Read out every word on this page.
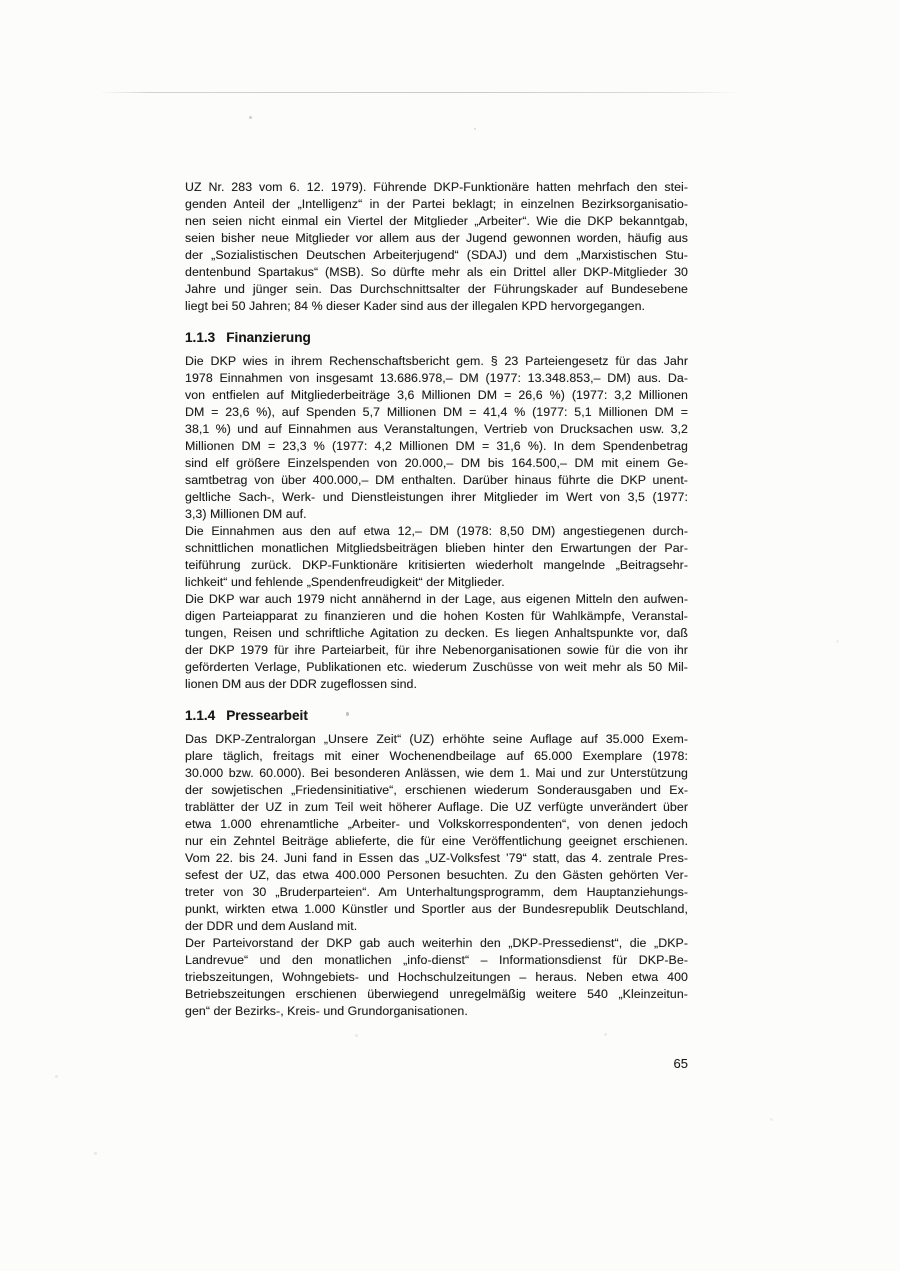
UZ Nr. 283 vom 6. 12. 1979). Führende DKP-Funktionäre hatten mehrfach den stei-
genden Anteil der „Intelligenz“ in der Partei beklagt; in einzelnen Bezirksorganisatio-
nen seien nicht einmal ein Viertel der Mitglieder „Arbeiter“. Wie die DKP bekanntgab,
seien bisher neue Mitglieder vor allem aus der Jugend gewonnen worden, häufig aus
der „Sozialistischen Deutschen Arbeiterjugend“ (SDAJ) und dem „Marxistischen Stu-
dentenbund Spartakus“ (MSB). So dürfte mehr als ein Drittel aller DKP-Mitglieder 30
Jahre und jünger sein. Das Durchschnittsalter der Führungskader auf Bundesebene
liegt bei 50 Jahren; 84 % dieser Kader sind aus der illegalen KPD hervorgegangen.
1.1.3 Finanzierung
Die DKP wies in ihrem Rechenschaftsbericht gem. § 23 Parteiengesetz für das Jahr
1978 Einnahmen von insgesamt 13.686.978,– DM (1977: 13.348.853,– DM) aus. Da-
von entfielen auf Mitgliederbeiträge 3,6 Millionen DM = 26,6 %) (1977: 3,2 Millionen
DM = 23,6 %), auf Spenden 5,7 Millionen DM = 41,4 % (1977: 5,1 Millionen DM =
38,1 %) und auf Einnahmen aus Veranstaltungen, Vertrieb von Drucksachen usw. 3,2
Millionen DM = 23,3 % (1977: 4,2 Millionen DM = 31,6 %). In dem Spendenbetrag
sind elf größere Einzelspenden von 20.000,– DM bis 164.500,– DM mit einem Ge-
samtbetrag von über 400.000,– DM enthalten. Darüber hinaus führte die DKP unent-
geltliche Sach-, Werk- und Dienstleistungen ihrer Mitglieder im Wert von 3,5 (1977:
3,3) Millionen DM auf.
Die Einnahmen aus den auf etwa 12,– DM (1978: 8,50 DM) angestiegenen durch-
schnittlichen monatlichen Mitgliedsbeiträgen blieben hinter den Erwartungen der Par-
teiführung zurück. DKP-Funktionäre kritisierten wiederholt mangelnde „Beitragsehr-
lichkeit“ und fehlende „Spendenfreudigkeit“ der Mitglieder.
Die DKP war auch 1979 nicht annähernd in der Lage, aus eigenen Mitteln den aufwen-
digen Parteiapparat zu finanzieren und die hohen Kosten für Wahlkämpfe, Veranstal-
tungen, Reisen und schriftliche Agitation zu decken. Es liegen Anhaltspunkte vor, daß
der DKP 1979 für ihre Parteiarbeit, für ihre Nebenorganisationen sowie für die von ihr
geförderten Verlage, Publikationen etc. wiederum Zuschüsse von weit mehr als 50 Mil-
lionen DM aus der DDR zugeflossen sind.
1.1.4 Pressearbeit
Das DKP-Zentralorgan „Unsere Zeit“ (UZ) erhöhte seine Auflage auf 35.000 Exem-
plare täglich, freitags mit einer Wochenendbeilage auf 65.000 Exemplare (1978:
30.000 bzw. 60.000). Bei besonderen Anlässen, wie dem 1. Mai und zur Unterstützung
der sowjetischen „Friedensinitiative“, erschienen wiederum Sonderausgaben und Ex-
trablätter der UZ in zum Teil weit höherer Auflage. Die UZ verfügte unverändert über
etwa 1.000 ehrenamtliche „Arbeiter- und Volkskorrespondenten“, von denen jedoch
nur ein Zehntel Beiträge ablieferte, die für eine Veröffentlichung geeignet erschienen.
Vom 22. bis 24. Juni fand in Essen das „UZ-Volksfest ’79“ statt, das 4. zentrale Pres-
sefest der UZ, das etwa 400.000 Personen besuchten. Zu den Gästen gehörten Ver-
treter von 30 „Bruderparteien“. Am Unterhaltungsprogramm, dem Hauptanziehungs-
punkt, wirkten etwa 1.000 Künstler und Sportler aus der Bundesrepublik Deutschland,
der DDR und dem Ausland mit.
Der Parteivorstand der DKP gab auch weiterhin den „DKP-Pressedienst“, die „DKP-
Landrevue“ und den monatlichen „info-dienst“ – Informationsdienst für DKP-Be-
triebszeitungen, Wohngebiets- und Hochschulzeitungen – heraus. Neben etwa 400
Betriebszeitungen erschienen überwiegend unregelmäßig weitere 540 „Kleinzeitun-
gen“ der Bezirks-, Kreis- und Grundorganisationen.
65
